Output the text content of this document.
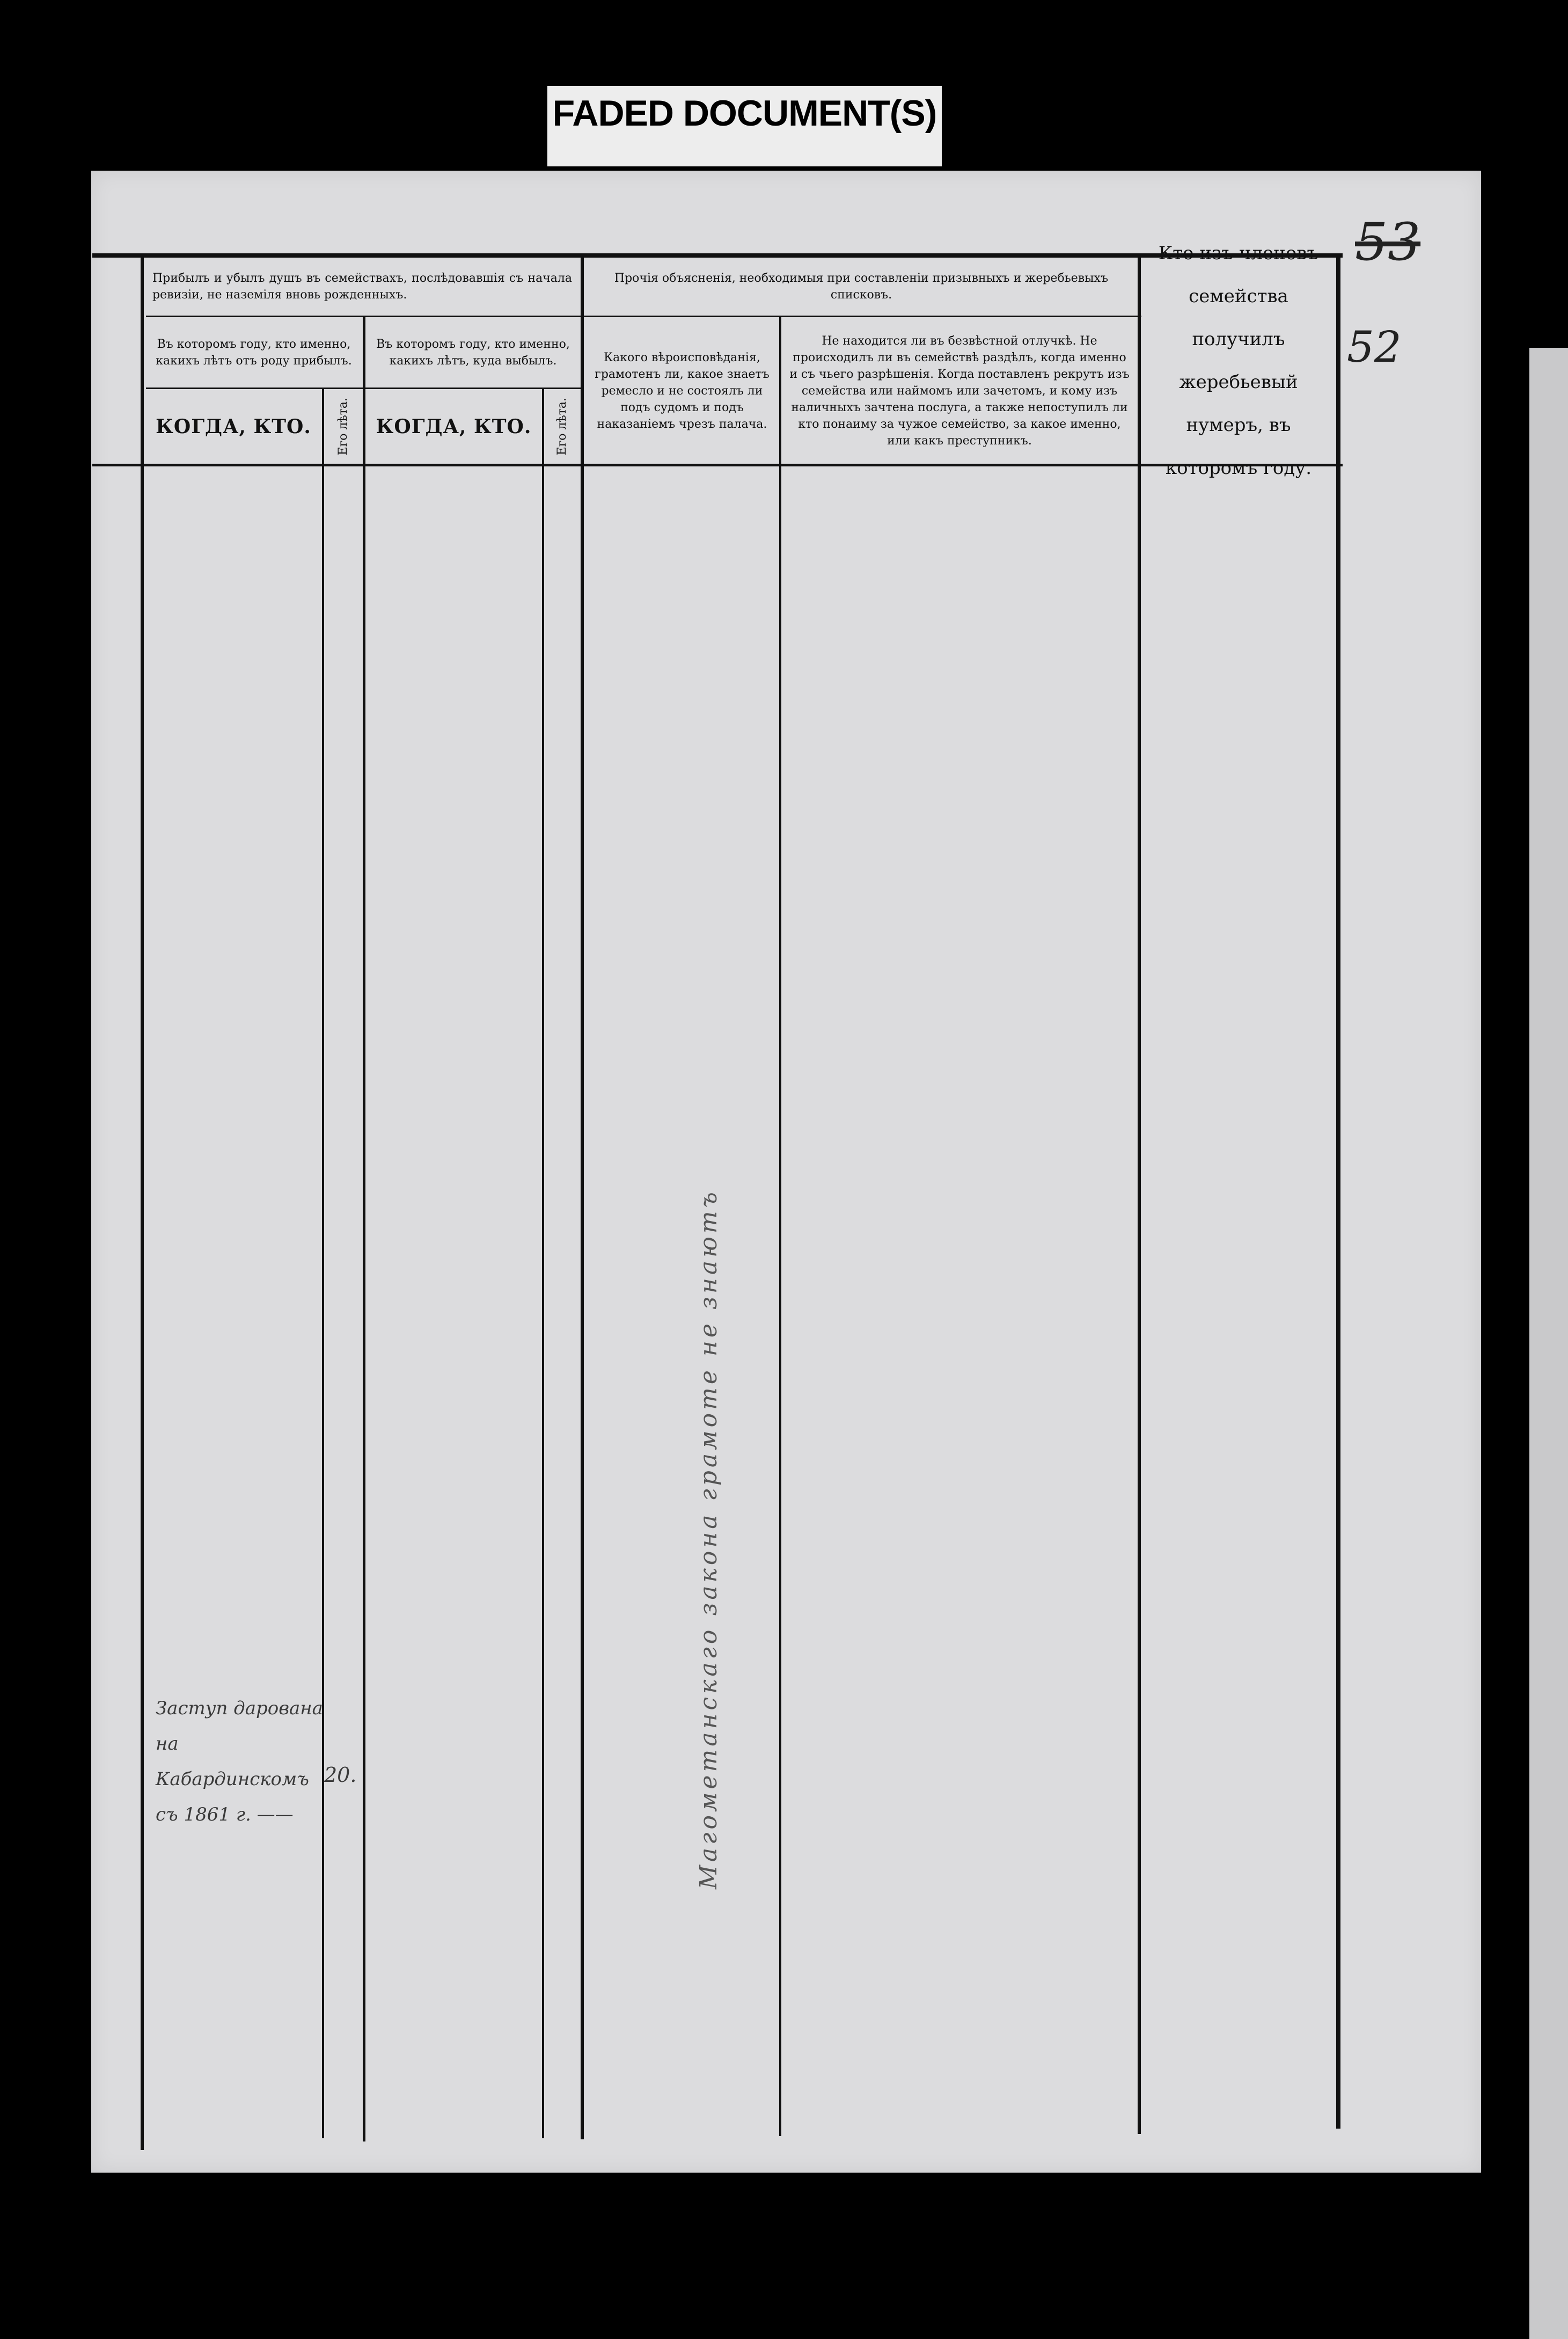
FADED DOCUMENT(S)
53
52
Прибылъ и убылъ душъ въ семействахъ, послѣдовавшія съ начала ревизіи, не наземіля вновь рожденныхъ.
Въ которомъ году, кто именно, какихъ лѣтъ отъ роду прибылъ.
Въ которомъ году, кто именно, какихъ лѣтъ, куда выбылъ.
КОГДА, КТО. Его лѣта. КОГДА, КТО. Его лѣта.
Прочія объясненія, необходимыя при составленіи призывныхъ и жеребьевыхъ списковъ.
Какого вѣроисповѣданія, грамотенъ ли, какое знаетъ ремесло и не состоялъ ли подъ судомъ и подъ наказаніемъ чрезъ палача.
Не находится ли въ безвѣстной отлучкѣ. Не происходилъ ли въ семействѣ раздѣлъ, когда именно и съ чьего разрѣшенія. Когда поставленъ рекрутъ изъ семейства или наймомъ или зачетомъ, и кому изъ наличныхъ зачтена послуга, а также непоступилъ ли кто понаиму за чужое семейство, за какое именно, или какъ преступникъ.
Кто изъ членовъ семейства получилъ жеребьевый нумеръ, въ которомъ году.
Заступ дарована
на Кабардинскомъ
съ 1861 г. ——
20.	Магометанскаго закона грамоте не знаютъ
